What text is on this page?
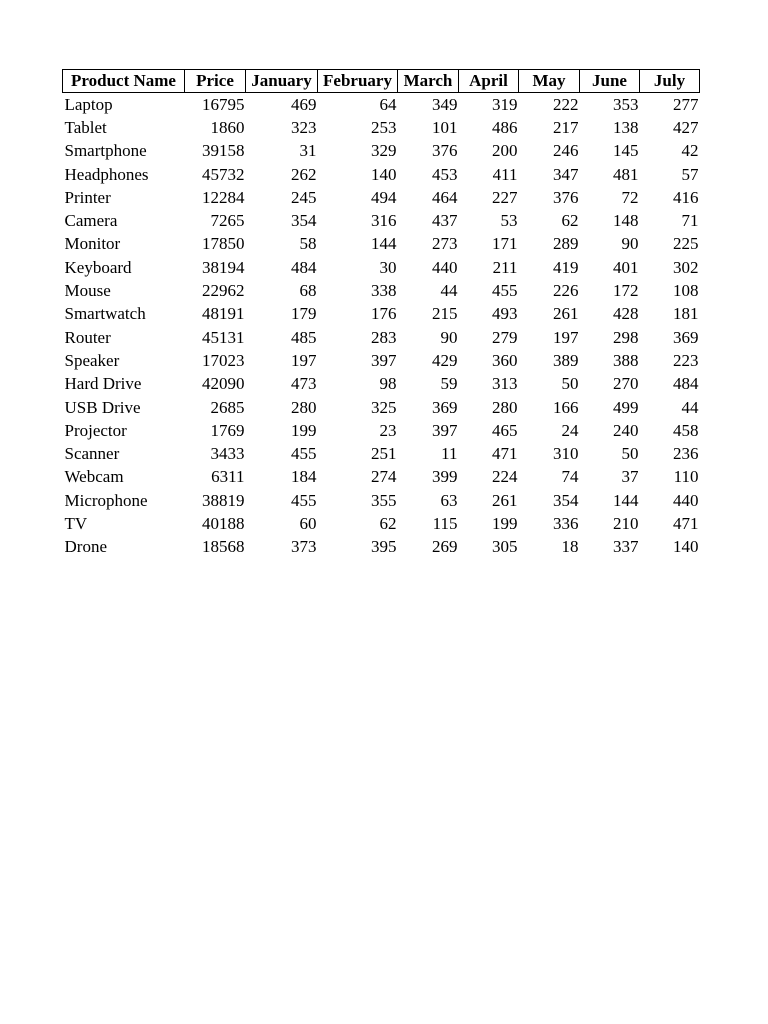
Product Name	Price	January	February	March	April	May	June	July
Laptop	16795	469	64	349	319	222	353	277
Tablet	1860	323	253	101	486	217	138	427
Smartphone	39158	31	329	376	200	246	145	42
Headphones	45732	262	140	453	411	347	481	57
Printer	12284	245	494	464	227	376	72	416
Camera	7265	354	316	437	53	62	148	71
Monitor	17850	58	144	273	171	289	90	225
Keyboard	38194	484	30	440	211	419	401	302
Mouse	22962	68	338	44	455	226	172	108
Smartwatch	48191	179	176	215	493	261	428	181
Router	45131	485	283	90	279	197	298	369
Speaker	17023	197	397	429	360	389	388	223
Hard Drive	42090	473	98	59	313	50	270	484
USB Drive	2685	280	325	369	280	166	499	44
Projector	1769	199	23	397	465	24	240	458
Scanner	3433	455	251	11	471	310	50	236
Webcam	6311	184	274	399	224	74	37	110
Microphone	38819	455	355	63	261	354	144	440
TV	40188	60	62	115	199	336	210	471
Drone	18568	373	395	269	305	18	337	140
